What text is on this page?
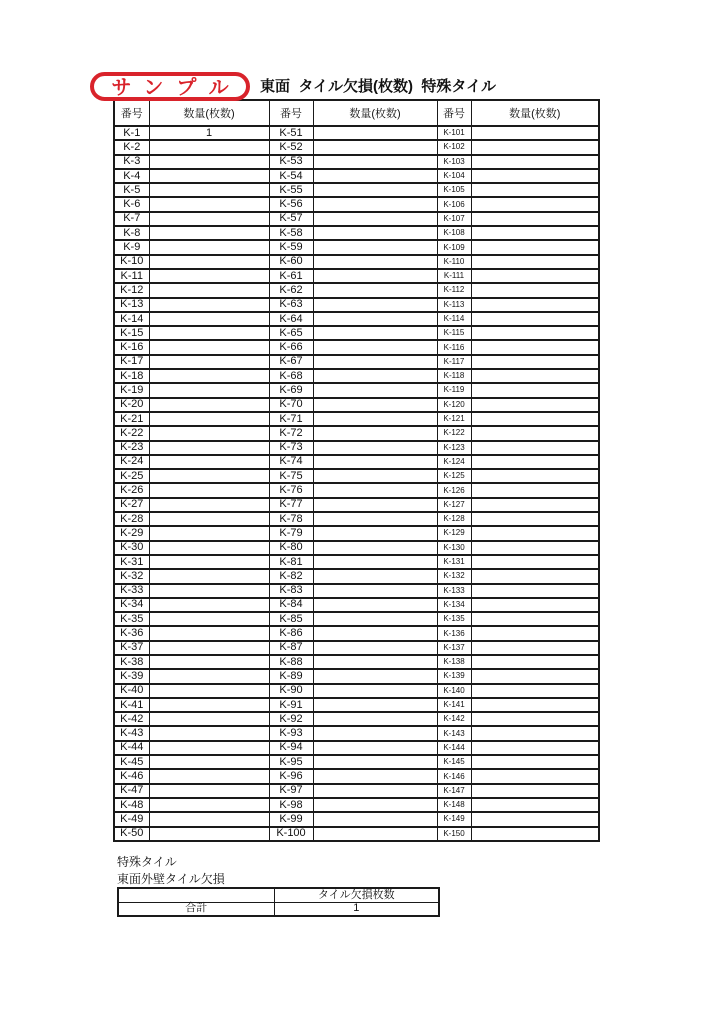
サンプル 東面  タイル欠損(枚数)  特殊タイル
番号	数量(枚数)	番号	数量(枚数)	番号	数量(枚数)
K-1	1	K-51		K-101	
K-2		K-52		K-102	
K-3		K-53		K-103	
K-4		K-54		K-104	
K-5		K-55		K-105	
K-6		K-56		K-106	
K-7		K-57		K-107	
K-8		K-58		K-108	
K-9		K-59		K-109	
K-10		K-60		K-110	
K-11		K-61		K-111	
K-12		K-62		K-112	
K-13		K-63		K-113	
K-14		K-64		K-114	
K-15		K-65		K-115	
K-16		K-66		K-116	
K-17		K-67		K-117	
K-18		K-68		K-118	
K-19		K-69		K-119	
K-20		K-70		K-120	
K-21		K-71		K-121	
K-22		K-72		K-122	
K-23		K-73		K-123	
K-24		K-74		K-124	
K-25		K-75		K-125	
K-26		K-76		K-126	
K-27		K-77		K-127	
K-28		K-78		K-128	
K-29		K-79		K-129	
K-30		K-80		K-130	
K-31		K-81		K-131	
K-32		K-82		K-132	
K-33		K-83		K-133	
K-34		K-84		K-134	
K-35		K-85		K-135	
K-36		K-86		K-136	
K-37		K-87		K-137	
K-38		K-88		K-138	
K-39		K-89		K-139	
K-40		K-90		K-140	
K-41		K-91		K-141	
K-42		K-92		K-142	
K-43		K-93		K-143	
K-44		K-94		K-144	
K-45		K-95		K-145	
K-46		K-96		K-146	
K-47		K-97		K-147	
K-48		K-98		K-148	
K-49		K-99		K-149	
K-50		K-100		K-150	
特殊タイル
東面外壁タイル欠損
	タイル欠損枚数
合計	1
